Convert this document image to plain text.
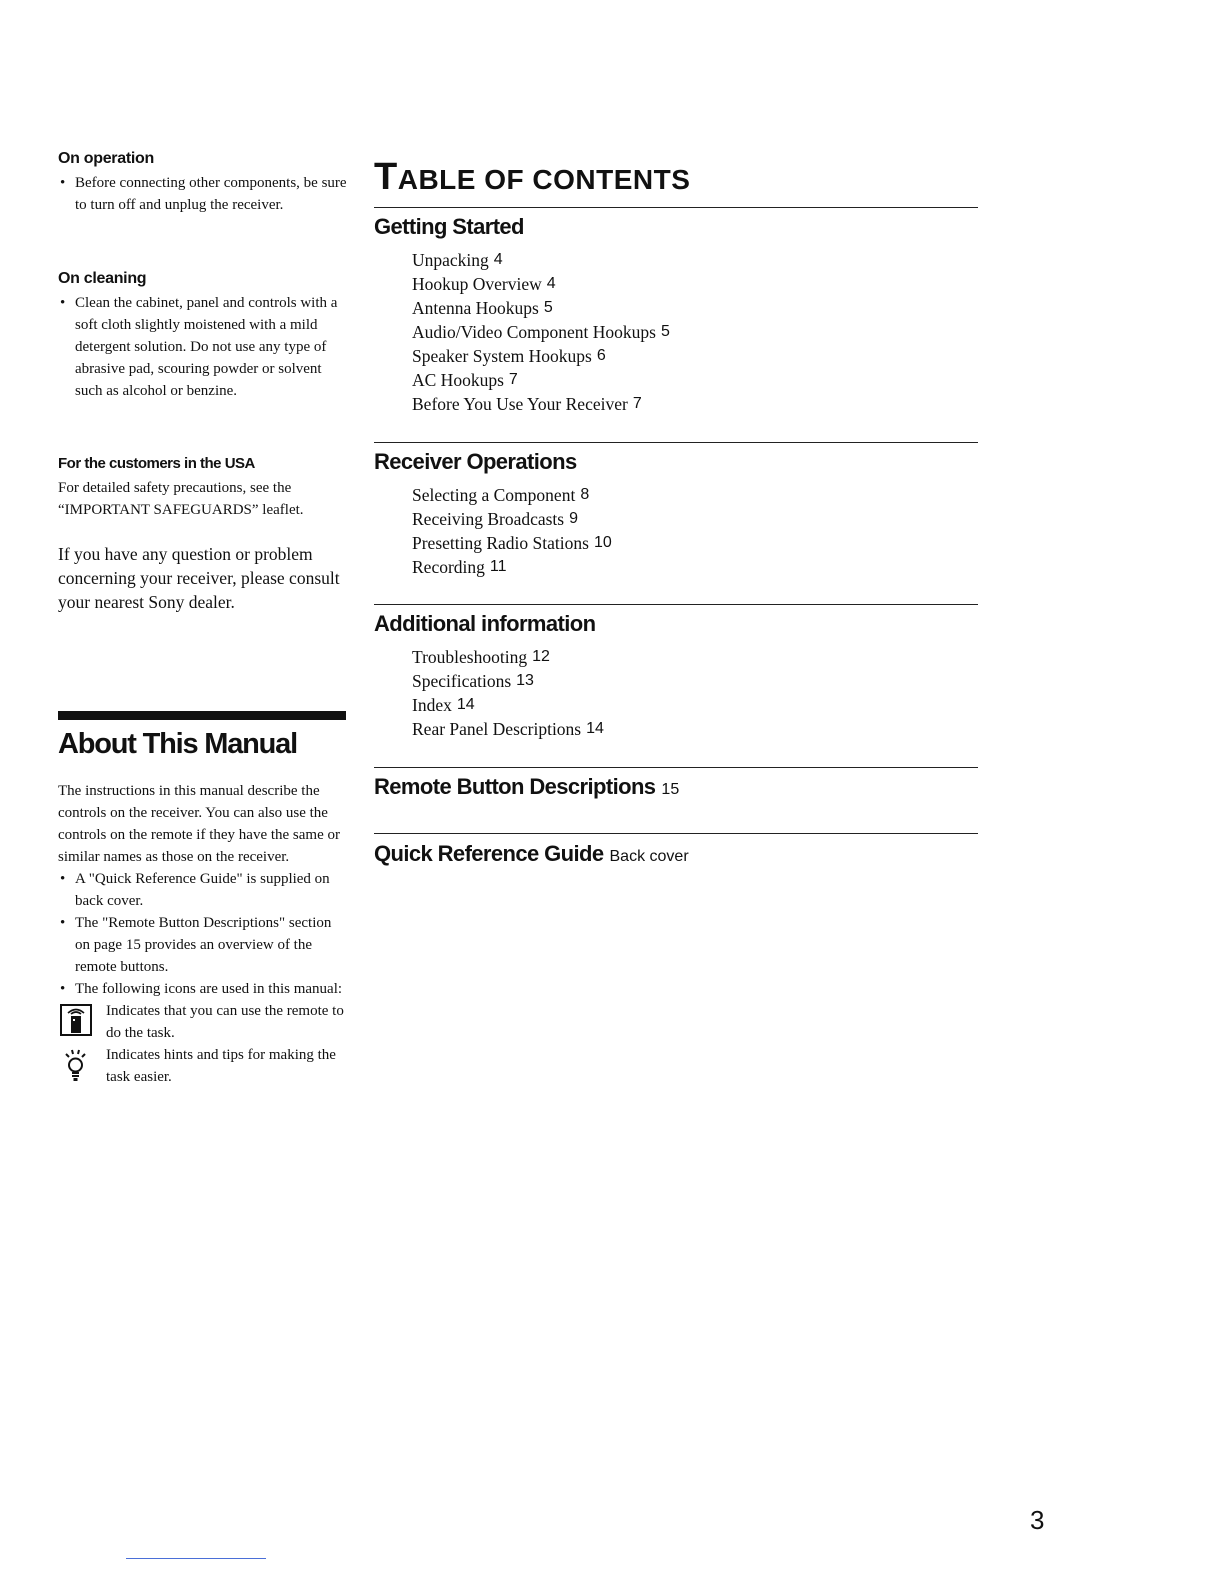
On operation
• Before connecting other components, be sure to turn off and unplug the receiver.
On cleaning
• Clean the cabinet, panel and controls with a soft cloth slightly moistened with a mild detergent solution. Do not use any type of abrasive pad, scouring powder or solvent such as alcohol or benzine.
For the customers in the USA
For detailed safety precautions, see the “IMPORTANT SAFEGUARDS” leaflet.
If you have any question or problem concerning your receiver, please consult your nearest Sony dealer.
About This Manual
The instructions in this manual describe the controls on the receiver. You can also use the controls on the remote if they have the same or similar names as those on the receiver.
• A "Quick Reference Guide" is supplied on back cover.
• The "Remote Button Descriptions" section on page 15 provides an overview of the remote buttons.
• The following icons are used in this manual:
Indicates that you can use the remote to do the task.
Indicates hints and tips for making the task easier.
TABLE OF CONTENTS
Getting Started
Unpacking 4
Hookup Overview 4
Antenna Hookups 5
Audio/Video Component Hookups 5
Speaker System Hookups 6
AC Hookups 7
Before You Use Your Receiver 7
Receiver Operations
Selecting a Component 8
Receiving Broadcasts 9
Presetting Radio Stations 10
Recording 11
Additional information
Troubleshooting 12
Specifications 13
Index 14
Rear Panel Descriptions 14
Remote Button Descriptions 15
Quick Reference Guide Back cover
3
